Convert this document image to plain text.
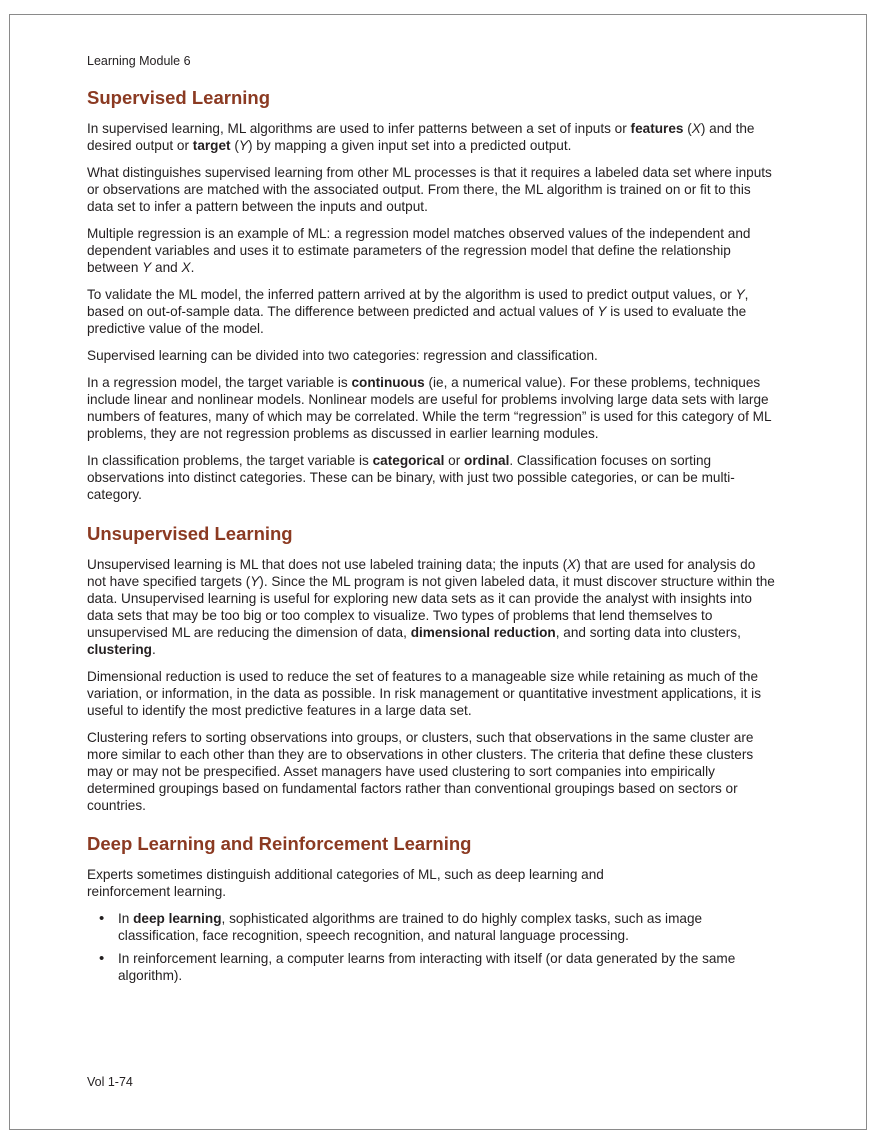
Learning Module 6
Supervised Learning

In supervised learning, ML algorithms are used to infer patterns between a set of inputs or features (X) and the desired output or target (Y) by mapping a given input set into a predicted output.

What distinguishes supervised learning from other ML processes is that it requires a labeled data set where inputs or observations are matched with the associated output. From there, the ML algorithm is trained on or fit to this data set to infer a pattern between the inputs and output.

Multiple regression is an example of ML: a regression model matches observed values of the independent and dependent variables and uses it to estimate parameters of the regression model that define the relationship between Y and X.

To validate the ML model, the inferred pattern arrived at by the algorithm is used to predict output values, or Y, based on out-of-sample data. The difference between predicted and actual values of Y is used to evaluate the predictive value of the model.

Supervised learning can be divided into two categories: regression and classification.

In a regression model, the target variable is continuous (ie, a numerical value). For these problems, techniques include linear and nonlinear models. Nonlinear models are useful for problems involving large data sets with large numbers of features, many of which may be correlated. While the term “regression” is used for this category of ML problems, they are not regression problems as discussed in earlier learning modules.

In classification problems, the target variable is categorical or ordinal. Classification focuses on sorting observations into distinct categories. These can be binary, with just two possible categories, or can be multi-category.

Unsupervised Learning

Unsupervised learning is ML that does not use labeled training data; the inputs (X) that are used for analysis do not have specified targets (Y). Since the ML program is not given labeled data, it must discover structure within the data. Unsupervised learning is useful for exploring new data sets as it can provide the analyst with insights into data sets that may be too big or too complex to visualize. Two types of problems that lend themselves to unsupervised ML are reducing the dimension of data, dimensional reduction, and sorting data into clusters, clustering.

Dimensional reduction is used to reduce the set of features to a manageable size while retaining as much of the variation, or information, in the data as possible. In risk management or quantitative investment applications, it is useful to identify the most predictive features in a large data set.

Clustering refers to sorting observations into groups, or clusters, such that observations in the same cluster are more similar to each other than they are to observations in other clusters. The criteria that define these clusters may or may not be prespecified. Asset managers have used clustering to sort companies into empirically determined groupings based on fundamental factors rather than conventional groupings based on sectors or countries.

Deep Learning and Reinforcement Learning

Experts sometimes distinguish additional categories of ML, such as deep learning and
reinforcement learning.

• In deep learning, sophisticated algorithms are trained to do highly complex tasks, such as image classification, face recognition, speech recognition, and natural language processing.
• In reinforcement learning, a computer learns from interacting with itself (or data generated by the same algorithm).
Vol 1-74
